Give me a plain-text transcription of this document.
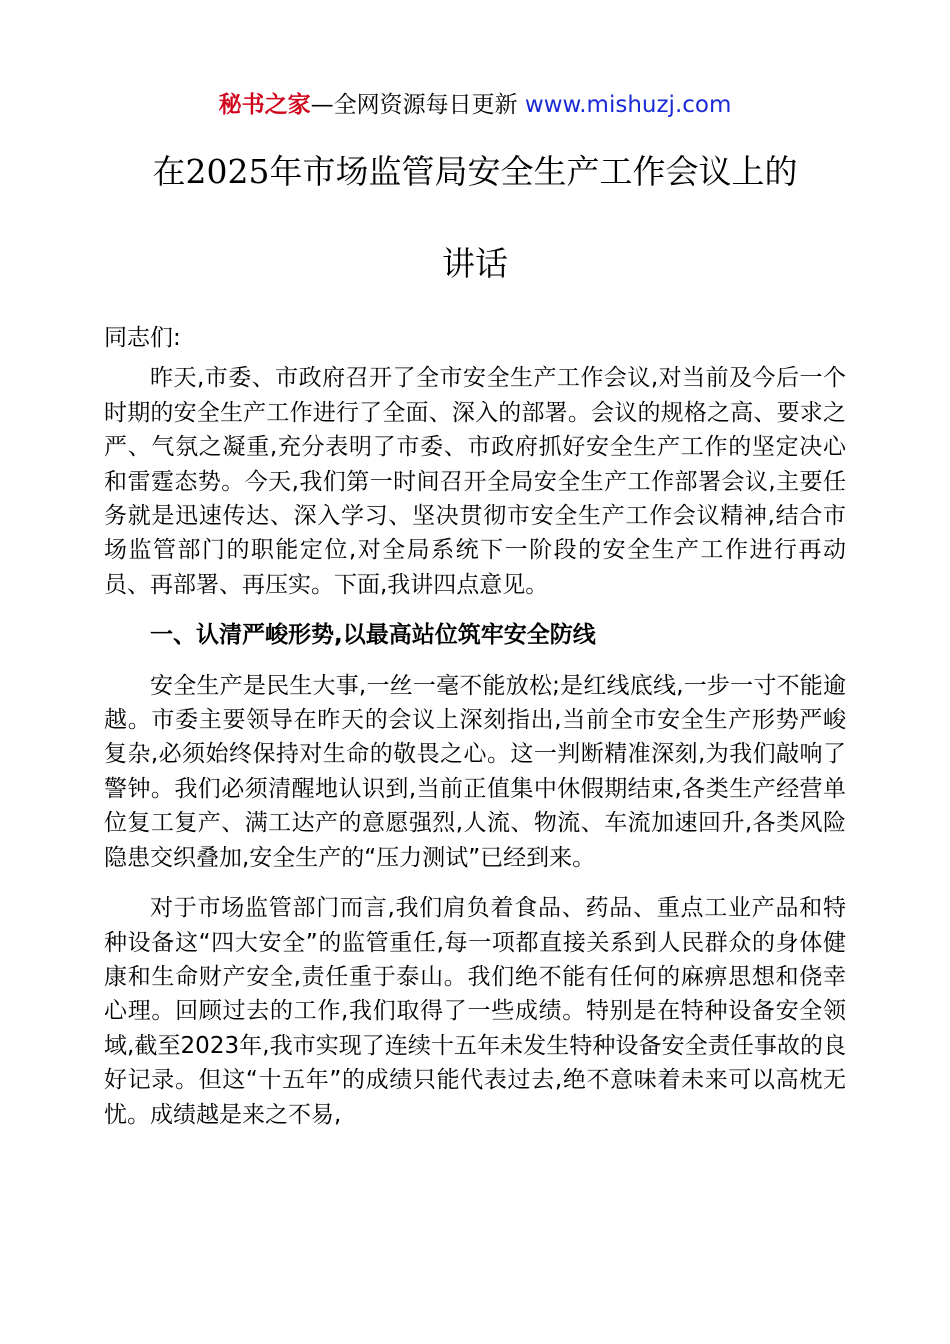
秘书之家—全网资源每日更新 www.mishuzj.com
在2025年市场监管局安全生产工作会议上的
讲话

同志们:

昨天,市委、市政府召开了全市安全生产工作会议,对当前及今后一个时期的安全生产工作进行了全面、深入的部署。会议的规格之高、要求之严、气氛之凝重,充分表明了市委、市政府抓好安全生产工作的坚定决心和雷霆态势。今天,我们第一时间召开全局安全生产工作部署会议,主要任务就是迅速传达、深入学习、坚决贯彻市安全生产工作会议精神,结合市场监管部门的职能定位,对全局系统下一阶段的安全生产工作进行再动员、再部署、再压实。下面,我讲四点意见。

一、认清严峻形势,以最高站位筑牢安全防线

安全生产是民生大事,一丝一毫不能放松;是红线底线,一步一寸不能逾越。市委主要领导在昨天的会议上深刻指出,当前全市安全生产形势严峻复杂,必须始终保持对生命的敬畏之心。这一判断精准深刻,为我们敲响了警钟。我们必须清醒地认识到,当前正值集中休假期结束,各类生产经营单位复工复产、满工达产的意愿强烈,人流、物流、车流加速回升,各类风险隐患交织叠加,安全生产的“压力测试”已经到来。

对于市场监管部门而言,我们肩负着食品、药品、重点工业产品和特种设备这“四大安全”的监管重任,每一项都直接关系到人民群众的身体健康和生命财产安全,责任重于泰山。我们绝不能有任何的麻痹思想和侥幸心理。回顾过去的工作,我们取得了一些成绩。特别是在特种设备安全领域,截至2023年,我市实现了连续十五年未发生特种设备安全责任事故的良好记录。但这“十五年”的成绩只能代表过去,绝不意味着未来可以高枕无忧。成绩越是来之不易,
